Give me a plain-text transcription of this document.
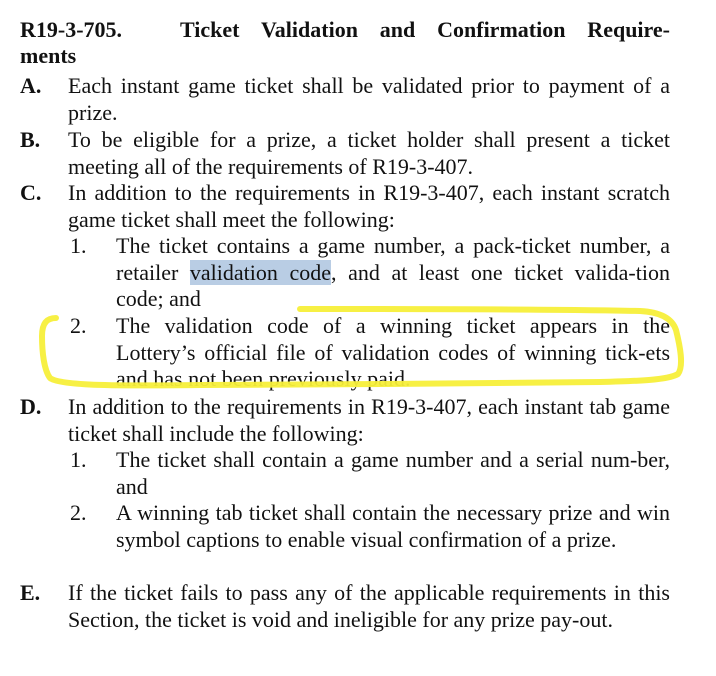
R19-3-705.	Ticket Validation and Confirmation Require-
ments
A. Each instant game ticket shall be validated prior to payment of a prize.
B. To be eligible for a prize, a ticket holder shall present a ticket meeting all of the requirements of R19-3-407.
C. In addition to the requirements in R19-3-407, each instant scratch game ticket shall meet the following:
1. The ticket contains a game number, a pack-ticket number, a retailer validation code, and at least one ticket valida-tion code; and
2. The validation code of a winning ticket appears in the Lottery’s official file of validation codes of winning tick-ets and has not been previously paid.
D. In addition to the requirements in R19-3-407, each instant tab game ticket shall include the following:
1. The ticket shall contain a game number and a serial num-ber, and
2. A winning tab ticket shall contain the necessary prize and win symbol captions to enable visual confirmation of a prize.
E. If the ticket fails to pass any of the applicable requirements in this Section, the ticket is void and ineligible for any prize pay-out.
